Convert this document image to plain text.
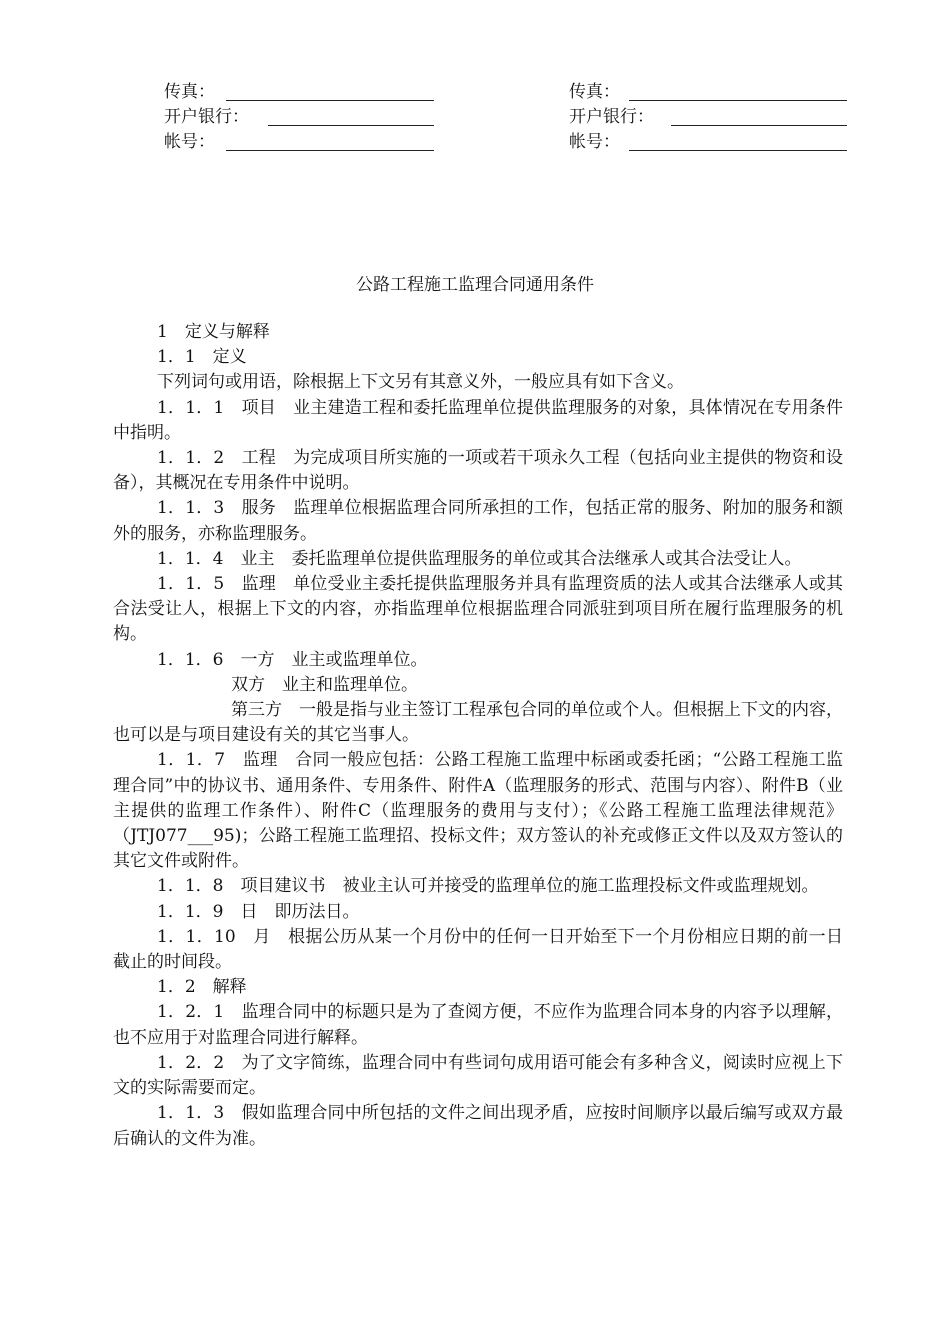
传真：
开户银行：
帐号：
传真：
开户银行：
帐号：
公路工程施工监理合同通用条件

1　定义与解释

1．1　定义

下列词句或用语，除根据上下文另有其意义外，一般应具有如下含义。

1．1．1　项目　业主建造工程和委托监理单位提供监理服务的对象，具体情况在专用条件中指明。

1．1．2　工程　为完成项目所实施的一项或若干项永久工程（包括向业主提供的物资和设备），其概况在专用条件中说明。

1．1．3　服务　监理单位根据监理合同所承担的工作，包括正常的服务、附加的服务和额外的服务，亦称监理服务。

1．1．4　业主　委托监理单位提供监理服务的单位或其合法继承人或其合法受让人。

1．1．5　监理　单位受业主委托提供监理服务并具有监理资质的法人或其合法继承人或其合法受让人，根据上下文的内容，亦指监理单位根据监理合同派驻到项目所在履行监理服务的机构。

1．1．6　一方　业主或监理单位。

双方　业主和监理单位。

第三方　一般是指与业主签订工程承包合同的单位或个人。但根据上下文的内容，也可以是与项目建设有关的其它当事人。

1．1．7　监理　合同一般应包括：公路工程施工监理中标函或委托函；“公路工程施工监理合同”中的协议书、通用条件、专用条件、附件A（监理服务的形式、范围与内容）、附件B（业主提供的监理工作条件）、附件C（监理服务的费用与支付）；《公路工程施工监理法律规范》（JTJ077___95)；公路工程施工监理招、投标文件；双方签认的补充或修正文件以及双方签认的其它文件或附件。

1．1．8　项目建议书　被业主认可并接受的监理单位的施工监理投标文件或监理规划。

1．1．9　日　即历法日。

1．1．10　月　根据公历从某一个月份中的任何一日开始至下一个月份相应日期的前一日截止的时间段。

1．2　解释

1．2．1　监理合同中的标题只是为了查阅方便，不应作为监理合同本身的内容予以理解，也不应用于对监理合同进行解释。

1．2．2　为了文字简练，监理合同中有些词句成用语可能会有多种含义，阅读时应视上下文的实际需要而定。

1．1．3　假如监理合同中所包括的文件之间出现矛盾，应按时间顺序以最后编写或双方最后确认的文件为准。
